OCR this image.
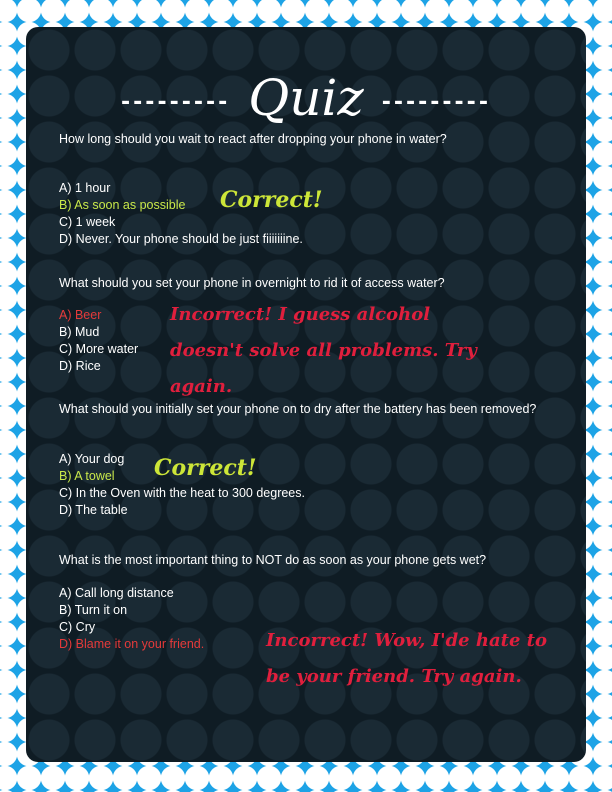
--------- Quiz ---------
How long should you wait to react after dropping your phone in water?
A) 1 hour
B) As soon as possible
C) 1 week
D) Never. Your phone should be just fiiiiiiine.
Correct!
What should you set your phone in overnight to rid it of access water?
A) Beer
B) Mud
C) More water
D) Rice
Incorrect! I guess alcohol doesn't solve all problems. Try again.
What should you initially set your phone on to dry after the battery has been removed?
A) Your dog
B) A towel
C) In the Oven with the heat to 300 degrees.
D) The table
Correct!
What is the most important thing to NOT do as soon as your phone gets wet?
A) Call long distance
B) Turn it on
C) Cry
D) Blame it on your friend.	Incorrect! Wow, I'de hate to be your friend. Try again.
